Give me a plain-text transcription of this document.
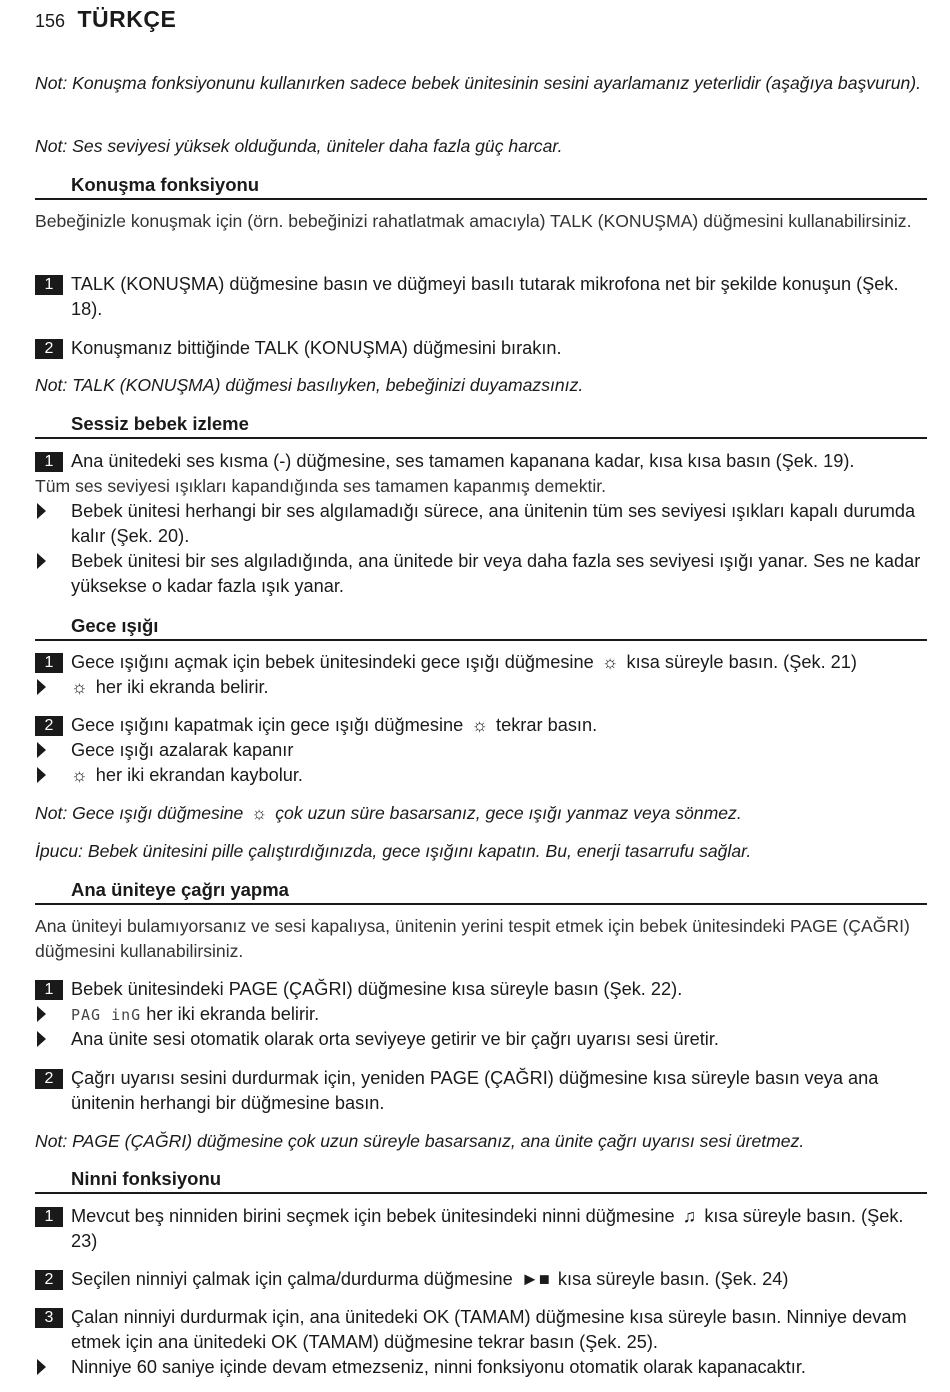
156 TÜRKÇE
Not: Konuşma fonksiyonunu kullanırken sadece bebek ünitesinin sesini ayarlamanız yeterlidir (aşağıya başvurun).
Not: Ses seviyesi yüksek olduğunda, üniteler daha fazla güç harcar.
Konuşma fonksiyonu
Bebeğinizle konuşmak için (örn. bebeğinizi rahatlatmak amacıyla) TALK (KONUŞMA) düğmesini kullanabilirsiniz.
1 TALK (KONUŞMA) düğmesine basın ve düğmeyi basılı tutarak mikrofona net bir şekilde konuşun (Şek. 18).
2 Konuşmanız bittiğinde TALK (KONUŞMA) düğmesini bırakın.
Not: TALK (KONUŞMA) düğmesi basılıyken, bebeğinizi duyamazsınız.
Sessiz bebek izleme
1 Ana ünitedeki ses kısma (-) düğmesine, ses tamamen kapanana kadar, kısa kısa basın (Şek. 19).
Tüm ses seviyesi ışıkları kapandığında ses tamamen kapanmış demektir.
Bebek ünitesi herhangi bir ses algılamadığı sürece, ana ünitenin tüm ses seviyesi ışıkları kapalı durumda kalır (Şek. 20).
Bebek ünitesi bir ses algıladığında, ana ünitede bir veya daha fazla ses seviyesi ışığı yanar. Ses ne kadar yüksekse o kadar fazla ışık yanar.
Gece ışığı
1 Gece ışığını açmak için bebek ünitesindeki gece ışığı düğmesine ☼ kısa süreyle basın. (Şek. 21)
☼ her iki ekranda belirir.
2 Gece ışığını kapatmak için gece ışığı düğmesine ☼ tekrar basın.
Gece ışığı azalarak kapanır
☼ her iki ekrandan kaybolur.
Not: Gece ışığı düğmesine ☼ çok uzun süre basarsanız, gece ışığı yanmaz veya sönmez.
İpucu: Bebek ünitesini pille çalıştırdığınızda, gece ışığını kapatın. Bu, enerji tasarrufu sağlar.
Ana üniteye çağrı yapma
Ana üniteyi bulamıyorsanız ve sesi kapalıysa, ünitenin yerini tespit etmek için bebek ünitesindeki PAGE (ÇAĞRI) düğmesini kullanabilirsiniz.
1 Bebek ünitesindeki PAGE (ÇAĞRI) düğmesine kısa süreyle basın (Şek. 22).
PAG inG her iki ekranda belirir.
Ana ünite sesi otomatik olarak orta seviyeye getirir ve bir çağrı uyarısı sesi üretir.
2 Çağrı uyarısı sesini durdurmak için, yeniden PAGE (ÇAĞRI) düğmesine kısa süreyle basın veya ana ünitenin herhangi bir düğmesine basın.
Not: PAGE (ÇAĞRI) düğmesine çok uzun süreyle basarsanız, ana ünite çağrı uyarısı sesi üretmez.
Ninni fonksiyonu
1 Mevcut beş ninniden birini seçmek için bebek ünitesindeki ninni düğmesine ♫ kısa süreyle basın. (Şek. 23)
2 Seçilen ninniyi çalmak için çalma/durdurma düğmesine ►■ kısa süreyle basın. (Şek. 24)
3 Çalan ninniyi durdurmak için, ana ünitedeki OK (TAMAM) düğmesine kısa süreyle basın. Ninniye devam etmek için ana ünitedeki OK (TAMAM) düğmesine tekrar basın (Şek. 25).
Ninniye 60 saniye içinde devam etmezseniz, ninni fonksiyonu otomatik olarak kapanacaktır.
